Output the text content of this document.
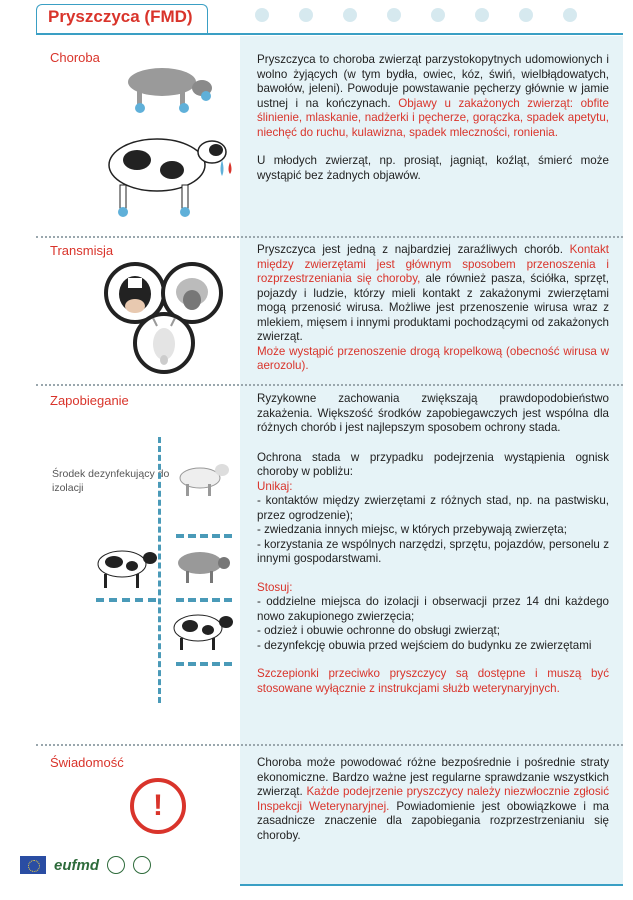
Pryszczyca (FMD)
Choroba	Pryszczyca to choroba zwierząt parzystokopytnych udomowionych i wolno żyjących (w tym bydła, owiec, kóz, świń, wielbłądowatych, bawołów, jeleni). Powoduje powstawanie pęcherzy głównie w jamie ustnej i na kończynach. Objawy u zakażonych zwierząt: obfite ślinienie, mlaskanie, nadżerki i pęcherze, gorączka, spadek apetytu, niechęć do ruchu, kulawizna, spadek mleczności, ronienia.
U młodych zwierząt, np. prosiąt, jagniąt, koźląt, śmierć może wystąpić bez żadnych objawów.
Transmisja	Pryszczyca jest jedną z najbardziej zaraźliwych chorób. Kontakt między zwierzętami jest głównym sposobem przenoszenia i rozprzestrzeniania się choroby, ale również pasza, ściółka, sprzęt, pojazdy i ludzie, którzy mieli kontakt z zakażonymi zwierzętami mogą przenosić wirusa. Możliwe jest przenoszenie wirusa wraz z mlekiem, mięsem i innymi produktami pochodzącymi od zakażonych zwierząt.
Może wystąpić przenoszenie drogą kropelkową (obecność wirusa w aerozolu).
Zapobieganie
Środek dezynfekujący do izolacji
Ryzykowne zachowania zwiększają prawdopodobieństwo zakażenia. Większość środków zapobiegawczych jest wspólna dla różnych chorób i jest najlepszym sposobem ochrony stada.
Ochrona stada w przypadku podejrzenia wystąpienia ognisk choroby w pobliżu:
Unikaj:
- kontaktów między zwierzętami z różnych stad, np. na pastwisku, przez ogrodzenie);
- zwiedzania innych miejsc, w których przebywają zwierzęta;
- korzystania ze wspólnych narzędzi, sprzętu, pojazdów, personelu z innymi gospodarstwami.
Stosuj:
- oddzielne miejsca do izolacji i obserwacji przez 14 dni każdego nowo zakupionego zwierzęcia;
- odzież i obuwie ochronne do obsługi zwierząt;
- dezynfekcję obuwia przed wejściem do budynku ze zwierzętami
Szczepionki przeciwko pryszczycy są dostępne i muszą być stosowane wyłącznie z instrukcjami służb weterynaryjnych.
Świadomość
!
Choroba może powodować różne bezpośrednie i pośrednie straty ekonomiczne. Bardzo ważne jest regularne sprawdzanie wszystkich zwierząt. Każde podejrzenie pryszczycy należy niezwłocznie zgłosić Inspekcji Weterynaryjnej. Powiadomienie jest obowiązkowe i ma zasadnicze znaczenie dla zapobiegania rozprzestrzenianiu się choroby.
eufmd
